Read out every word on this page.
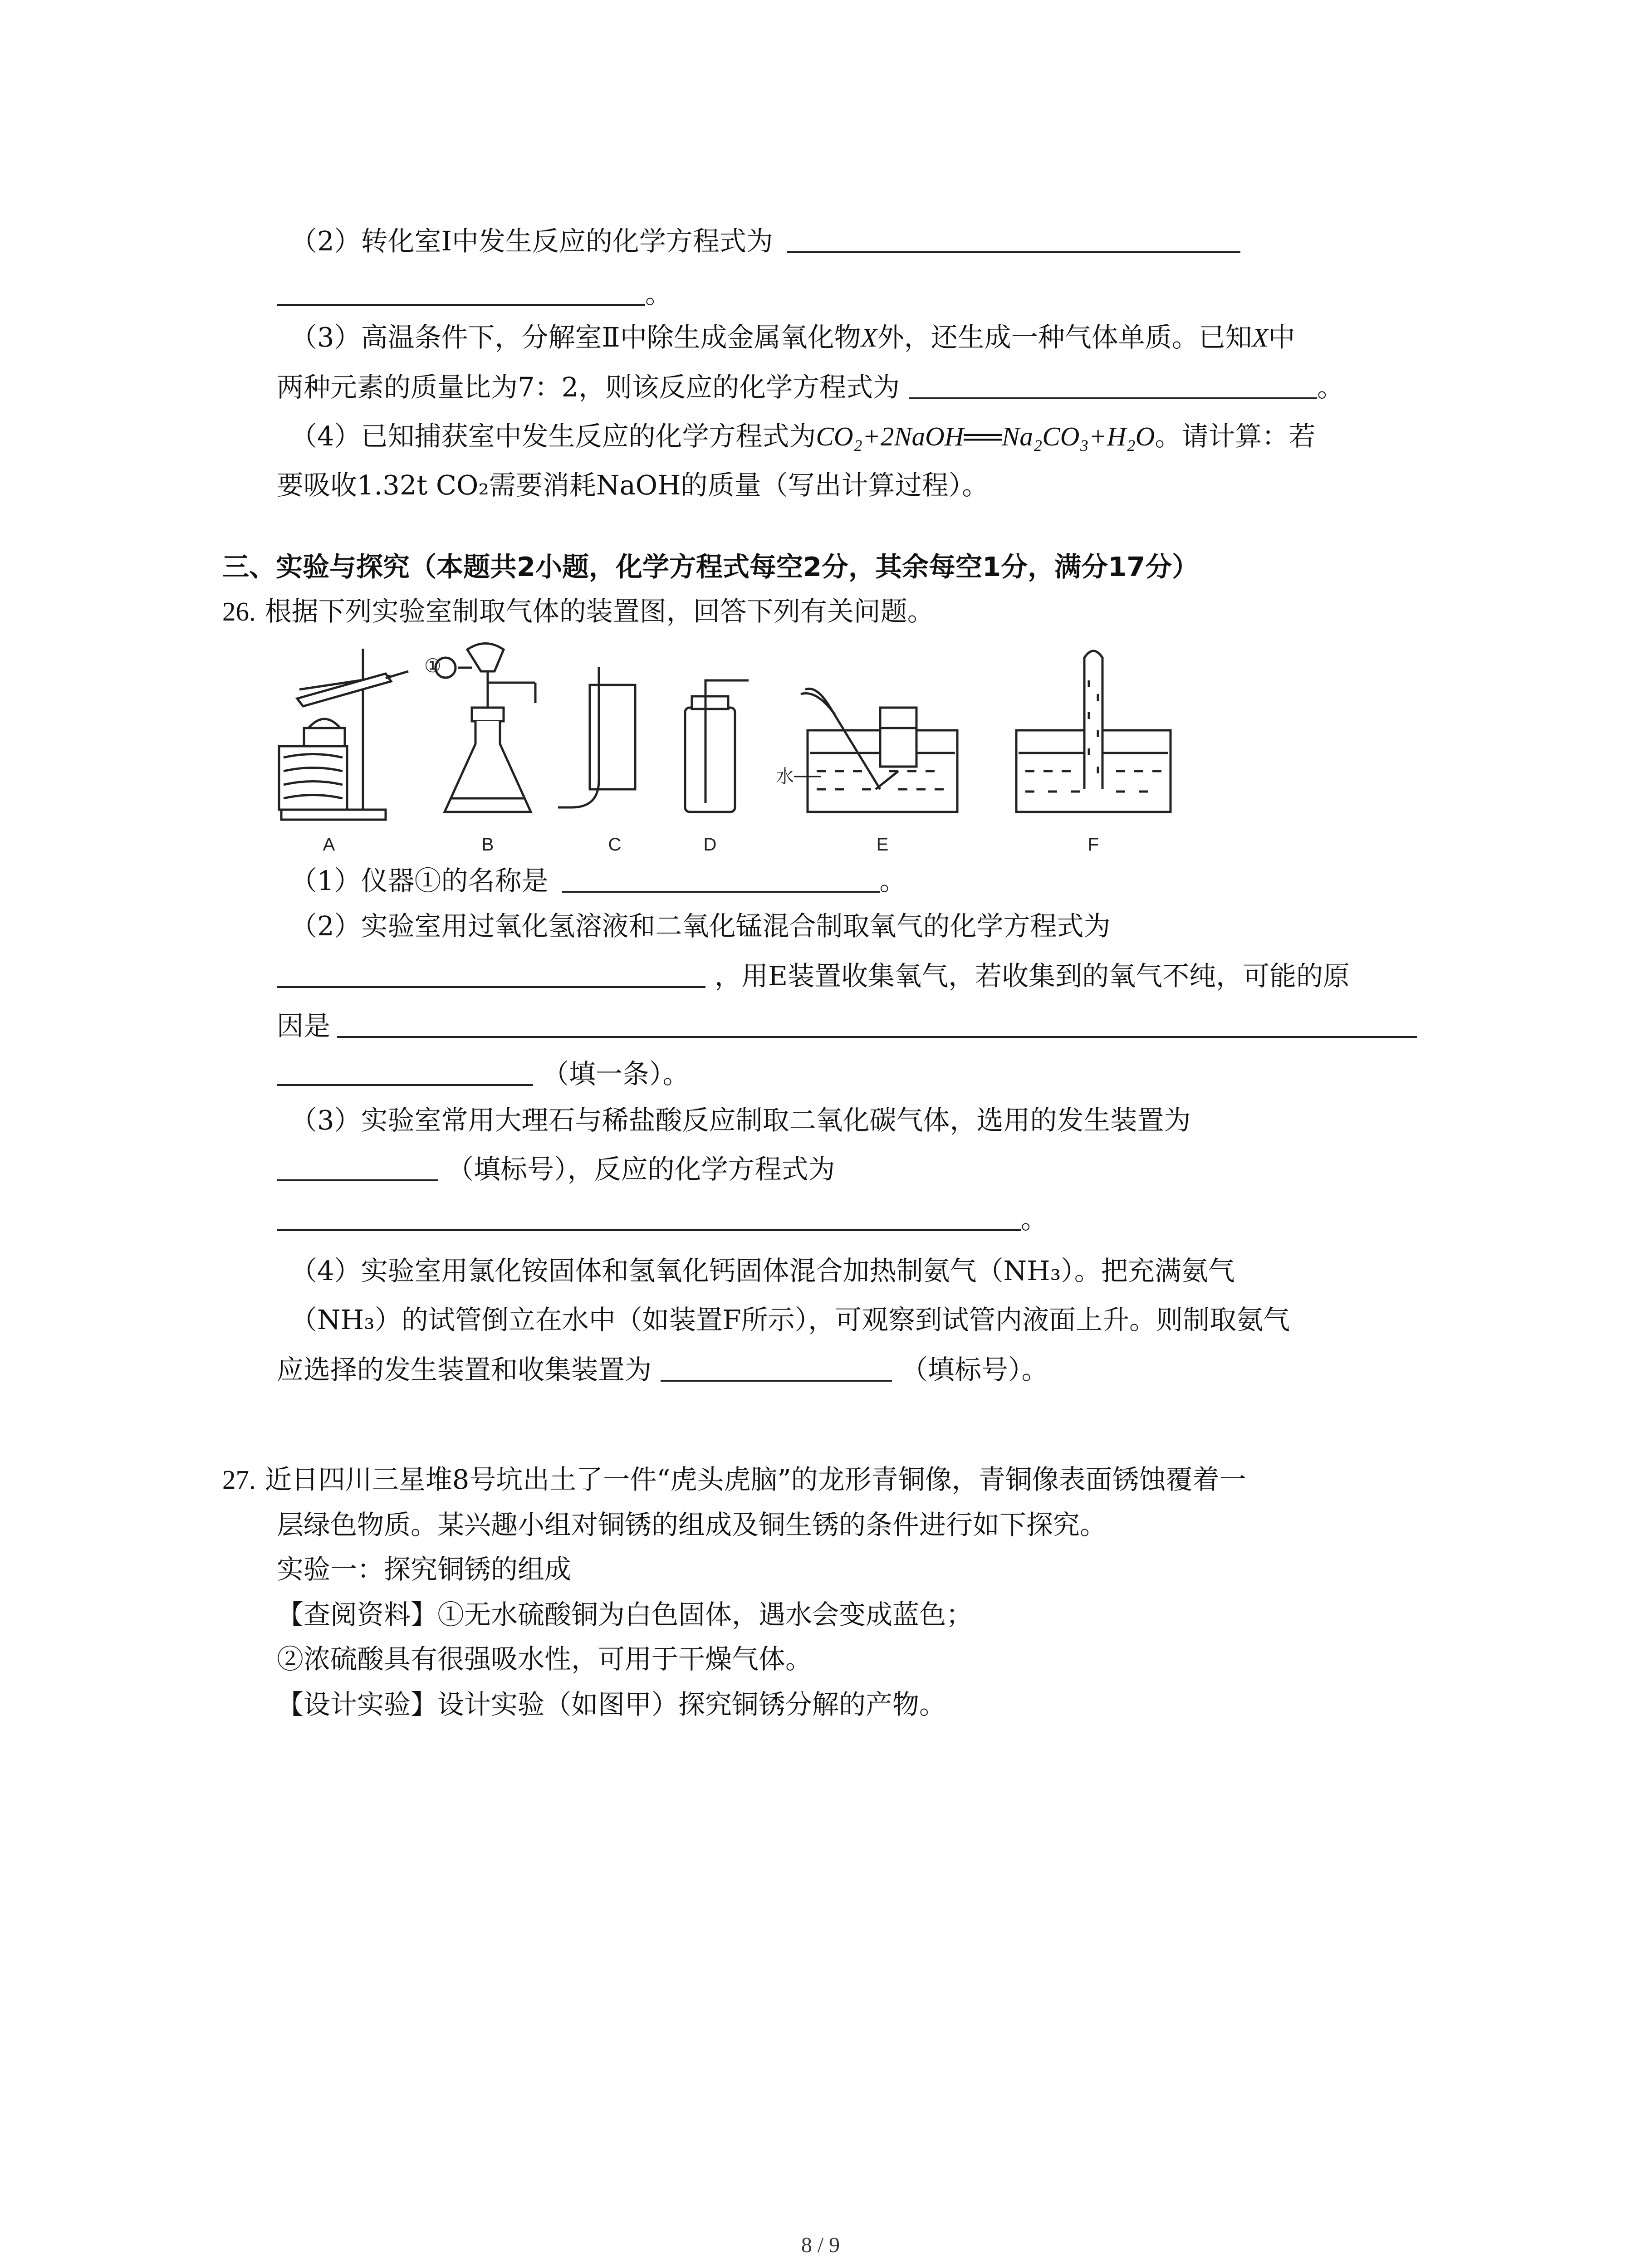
（2）转化室Ⅰ中发生反应的化学方程式为
。
（3）高温条件下，分解室Ⅱ中除生成金属氧化物X外，还生成一种气体单质。已知X中
两种元素的质量比为7：2，则该反应的化学方程式为	。
（4）已知捕获室中发生反应的化学方程式为CO₂+2NaOH══Na₂CO₃+H₂O。请计算：若
要吸收1.32t CO₂需要消耗NaOH的质量（写出计算过程）。
三、实验与探究（本题共2小题，化学方程式每空2分，其余每空1分，满分17分）
26. 根据下列实验室制取气体的装置图，回答下列有关问题。
①
水
A	B	C	D	E	F
（1）仪器①的名称是	。
（2）实验室用过氧化氢溶液和二氧化锰混合制取氧气的化学方程式为
，用E装置收集氧气，若收集到的氧气不纯，可能的原
因是
（填一条）。
（3）实验室常用大理石与稀盐酸反应制取二氧化碳气体，选用的发生装置为
（填标号），反应的化学方程式为
。
（4）实验室用氯化铵固体和氢氧化钙固体混合加热制氨气（NH₃）。把充满氨气
（NH₃）的试管倒立在水中（如装置F所示），可观察到试管内液面上升。则制取氨气
应选择的发生装置和收集装置为	（填标号）。
27. 近日四川三星堆8号坑出土了一件“虎头虎脑”的龙形青铜像，青铜像表面锈蚀覆着一
层绿色物质。某兴趣小组对铜锈的组成及铜生锈的条件进行如下探究。
实验一：探究铜锈的组成
【查阅资料】①无水硫酸铜为白色固体，遇水会变成蓝色；
②浓硫酸具有很强吸水性，可用于干燥气体。
【设计实验】设计实验（如图甲）探究铜锈分解的产物。
8 / 9
